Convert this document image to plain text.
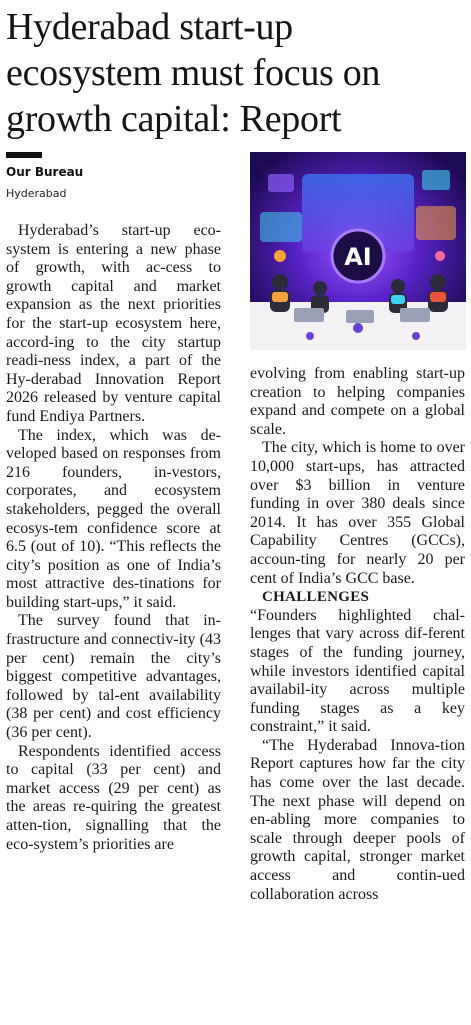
Hyderabad start-up
ecosystem must focus on
growth capital: Report
Our Bureau
Hyderabad

Hyderabad’s start-up eco-system is entering a new phase of growth, with ac-cess to growth capital and market expansion as the next priorities for the start-up ecosystem here, accord-ing to the city startup readi-ness index, a part of the Hy-derabad Innovation Report 2026 released by venture capital fund Endiya Partners.

The index, which was de-veloped based on responses from 216 founders, in-vestors, corporates, and ecosystem stakeholders, pegged the overall ecosys-tem confidence score at 6.5 (out of 10). “This reflects the city’s position as one of India’s most attractive des-tinations for building start-ups,” it said.

The survey found that in-frastructure and connectiv-ity (43 per cent) remain the city’s biggest competitive advantages, followed by tal-ent availability (38 per cent) and cost efficiency (36 per cent).

Respondents identified access to capital (33 per cent) and market access (29 per cent) as the areas re-quiring the greatest atten-tion, signalling that the eco-system’s priorities are

AI

evolving from enabling start-up creation to helping companies expand and compete on a global scale.

The city, which is home to over 10,000 start-ups, has attracted over $3 billion in venture funding in over 380 deals since 2014. It has over 355 Global Capability Centres (GCCs), accoun-ting for nearly 20 per cent of India’s GCC base.

CHALLENGES

“Founders highlighted chal-lenges that vary across dif-ferent stages of the funding journey, while investors identified capital availabil-ity across multiple funding stages as a key constraint,” it said.

“The Hyderabad Innova-tion Report captures how far the city has come over the last decade. The next phase will depend on en-abling more companies to scale through deeper pools of growth capital, stronger market access and contin-ued collaboration across
